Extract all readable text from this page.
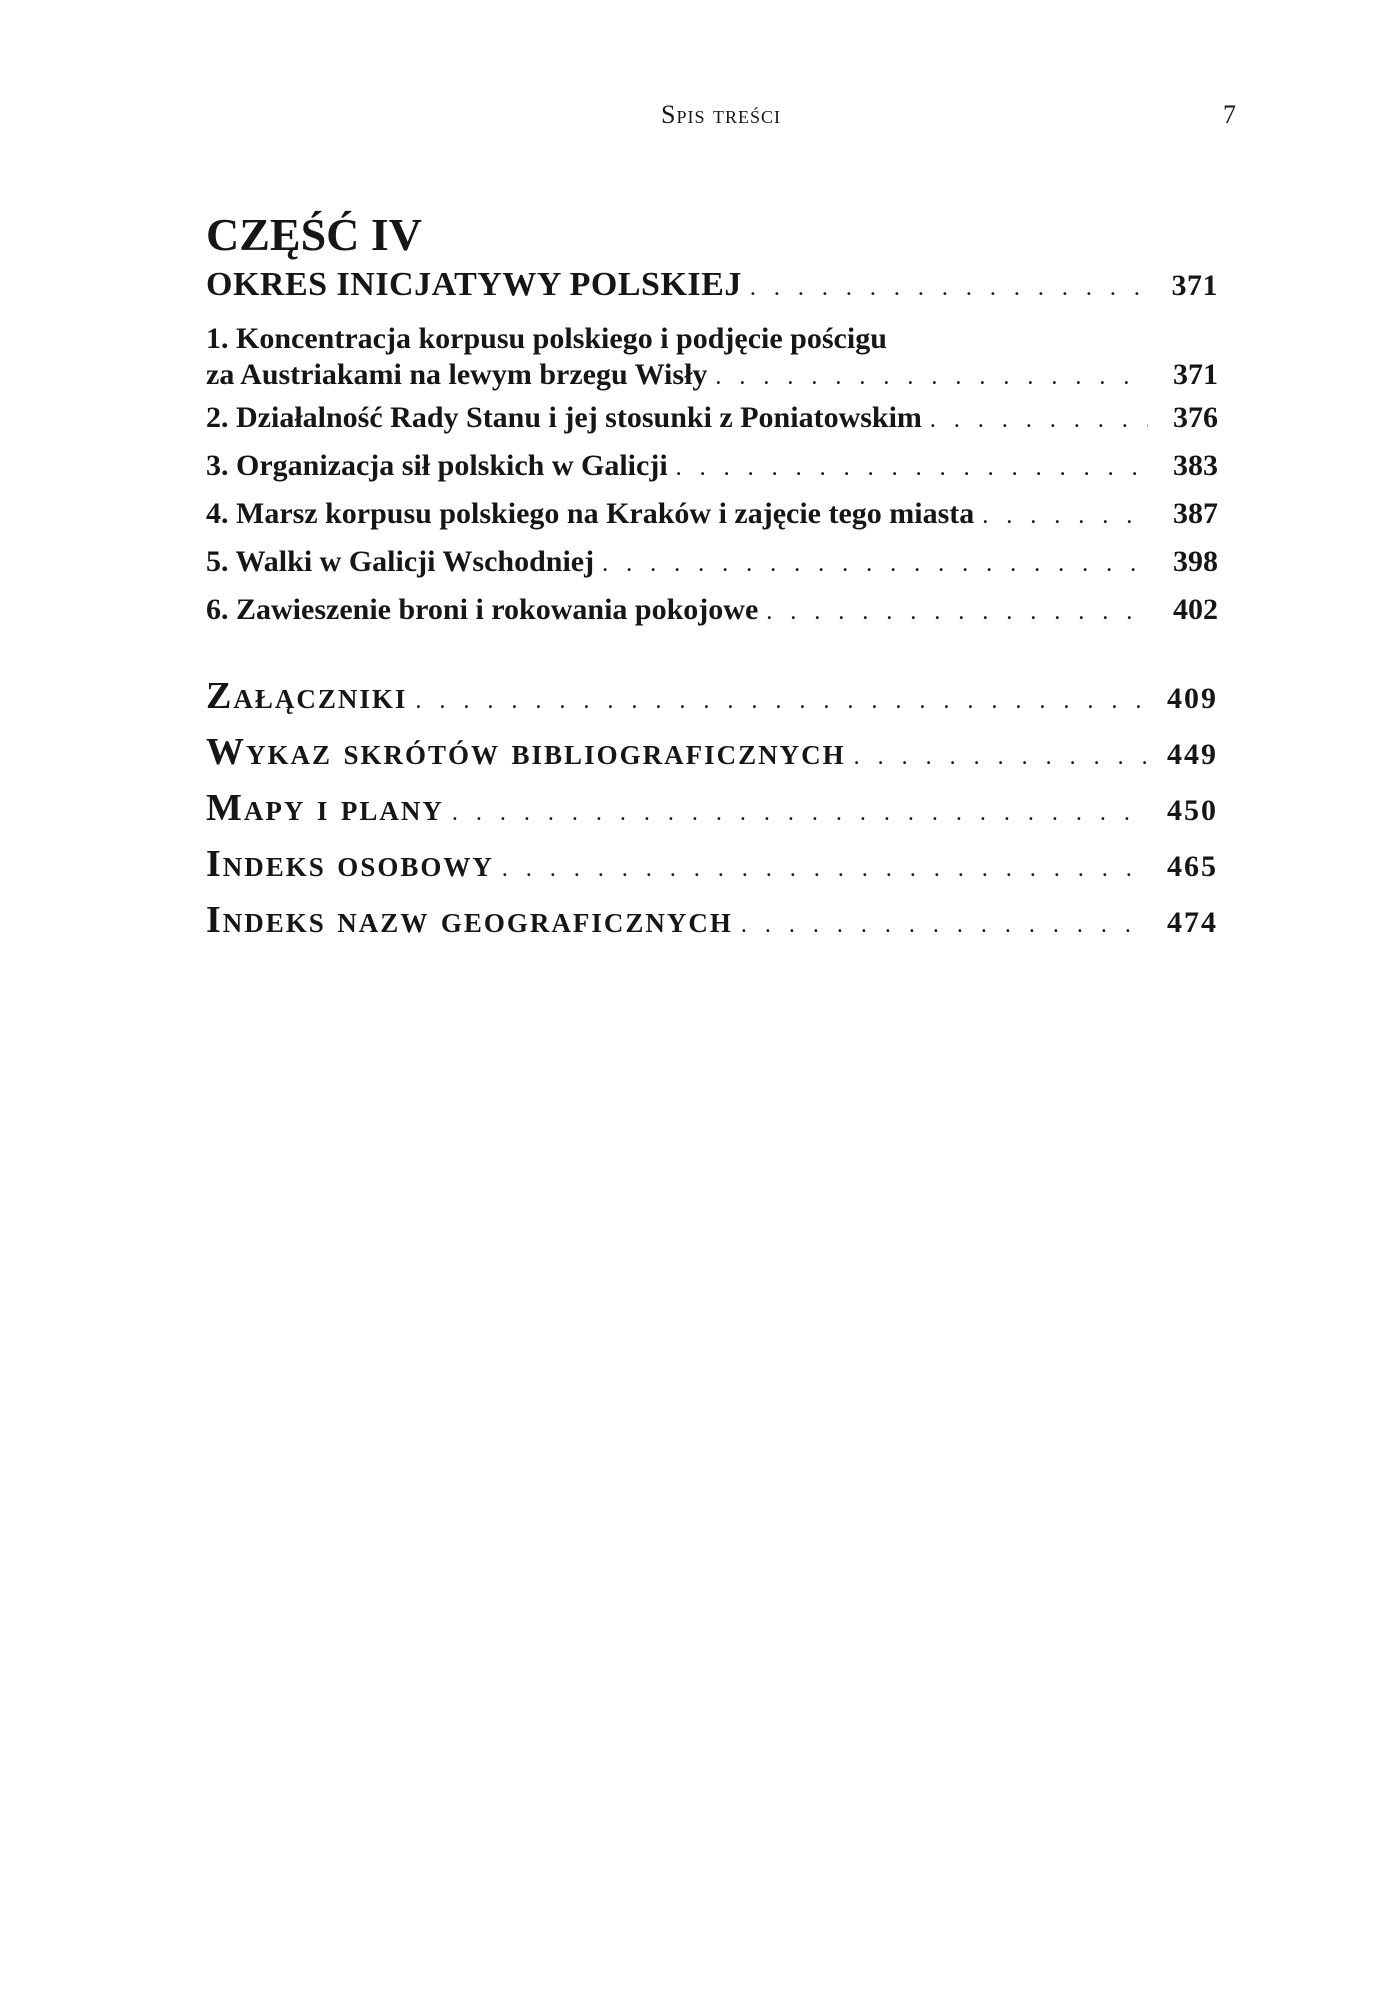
Spis treści	7
CZĘŚĆ IV
OKRES INICJATYWY POLSKIEJ . . .	371
1. Koncentracja korpusu polskiego i podjęcie pościgu
za Austriakami na lewym brzegu Wisły . . .	371
2. Działalność Rady Stanu i jej stosunki z Poniatowskim . . .	376
3. Organizacja sił polskich w Galicji . . .	383
4. Marsz korpusu polskiego na Kraków i zajęcie tego miasta . . .	387
5. Walki w Galicji Wschodniej . . .	398
6. Zawieszenie broni i rokowania pokojowe . . .	402
Załączniki . . .	409
Wykaz skrótów bibliograficznych . . .	449
Mapy i plany . . .	450
Indeks osobowy . . .	465
Indeks nazw geograficznych . . .	474
